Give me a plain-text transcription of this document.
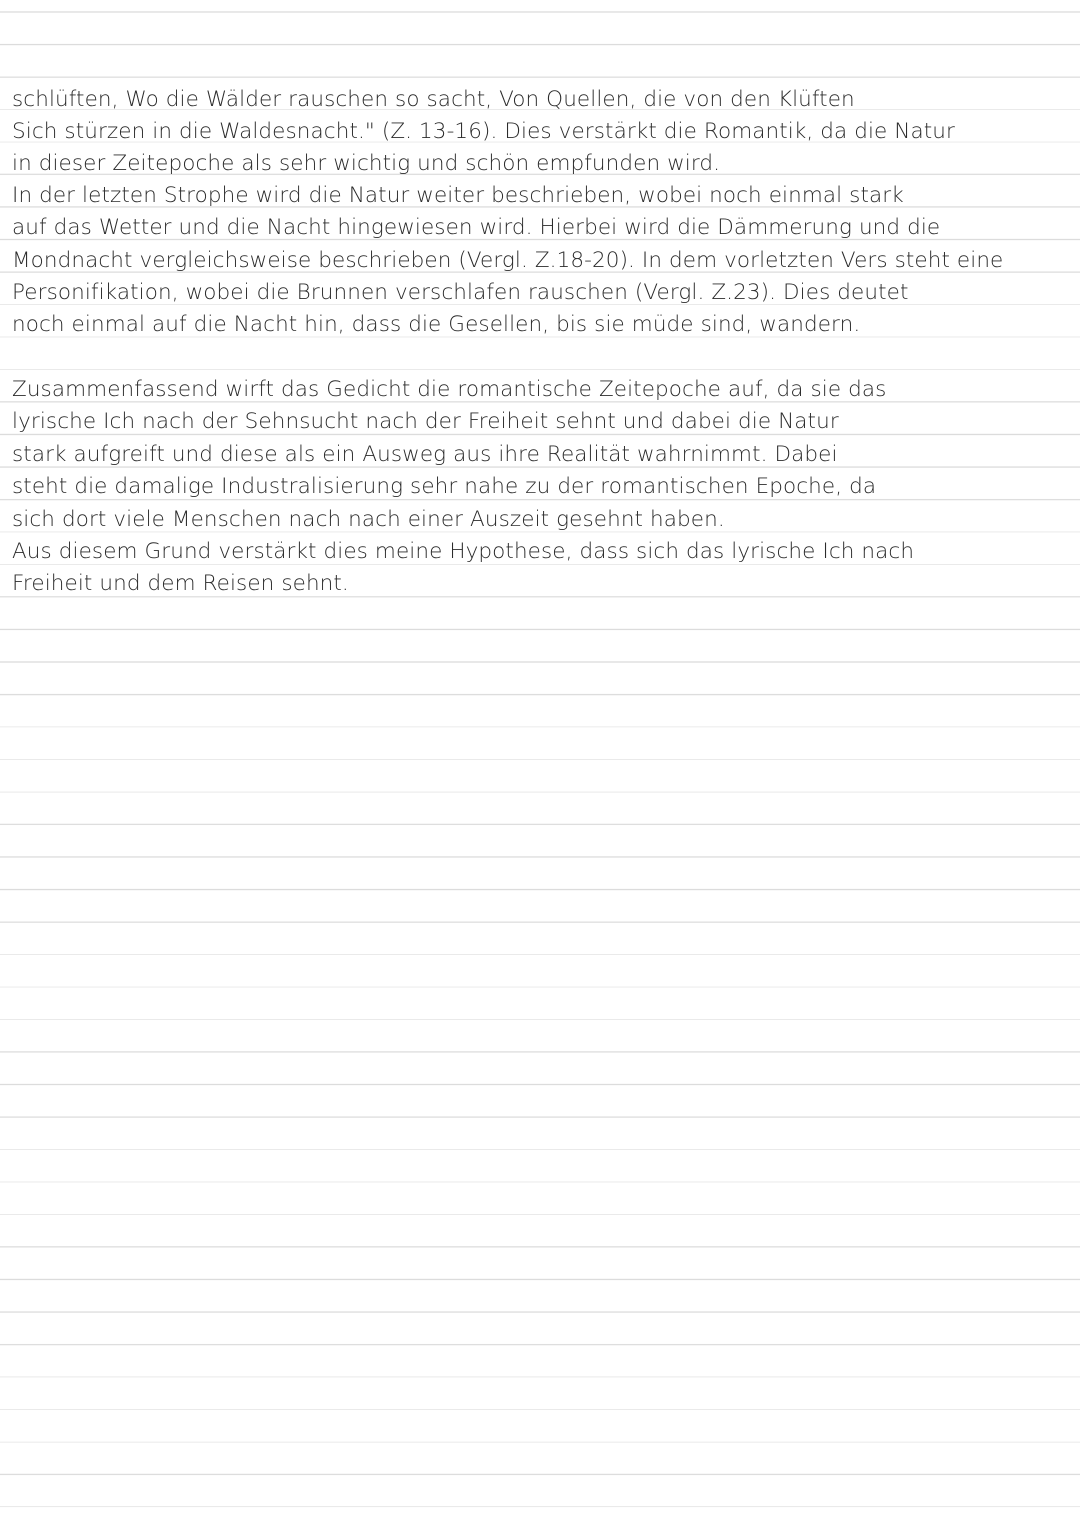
schlüften, Wo die Wälder rauschen so sacht, Von Quellen, die von den Klüften
Sich stürzen in die Waldesnacht." (Z. 13-16). Dies verstärkt die Romantik, da die Natur
in dieser Zeitepoche als sehr wichtig und schön empfunden wird.
In der letzten Strophe wird die Natur weiter beschrieben, wobei noch einmal stark
auf das Wetter und die Nacht hingewiesen wird. Hierbei wird die Dämmerung und die
Mondnacht vergleichsweise beschrieben (Vergl. Z.18-20). In dem vorletzten Vers steht eine
Personifikation, wobei die Brunnen verschlafen rauschen (Vergl. Z.23). Dies deutet
noch einmal auf die Nacht hin, dass die Gesellen, bis sie müde sind, wandern.
Zusammenfassend wirft das Gedicht die romantische Zeitepoche auf, da sie das
lyrische Ich nach der Sehnsucht nach der Freiheit sehnt und dabei die Natur
stark aufgreift und diese als ein Ausweg aus ihre Realität wahrnimmt. Dabei
steht die damalige Industralisierung sehr nahe zu der romantischen Epoche, da
sich dort viele Menschen nach nach einer Auszeit gesehnt haben.
Aus diesem Grund verstärkt dies meine Hypothese, dass sich das lyrische Ich nach
Freiheit und dem Reisen sehnt.
